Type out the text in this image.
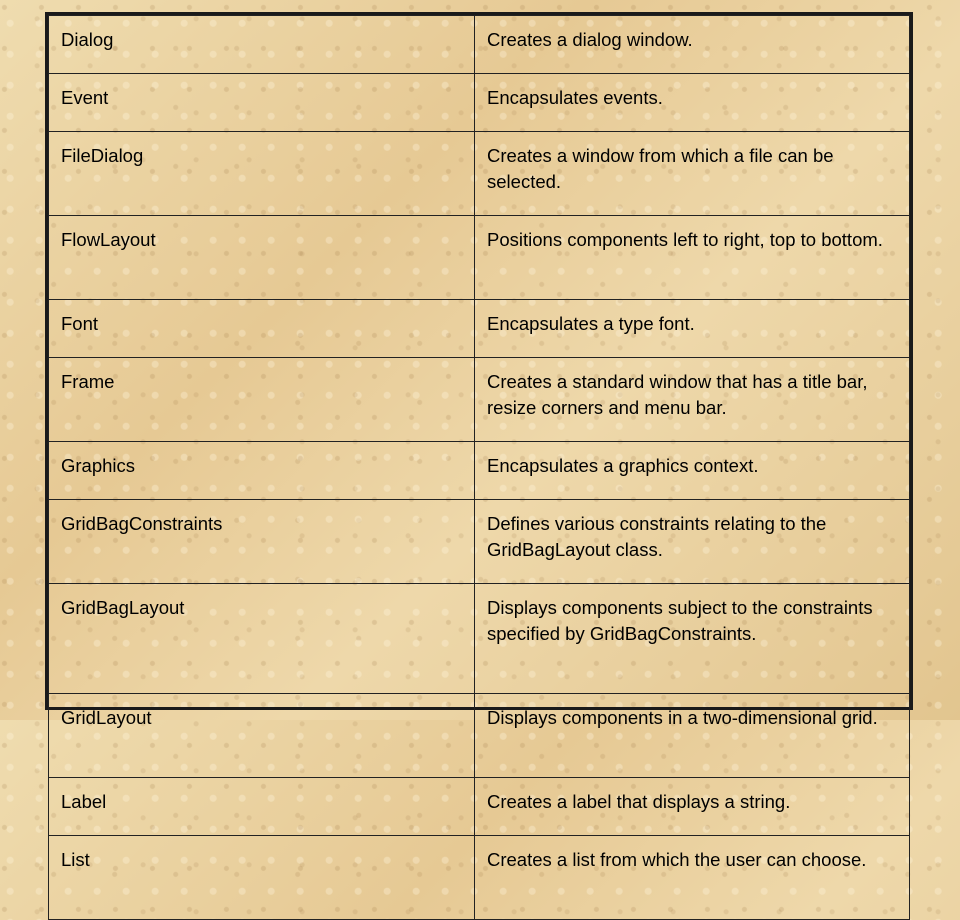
Dialog	Creates a dialog window.
Event	Encapsulates events.
FileDialog	Creates a window from which a file can be selected.
FlowLayout	Positions components left to right, top to bottom.
Font	Encapsulates a type font.
Frame	Creates a standard window that has a title bar, resize corners and menu bar.
Graphics	Encapsulates a graphics context.
GridBagConstraints	Defines various constraints relating to the GridBagLayout class.
GridBagLayout	Displays components subject to the constraints specified by GridBagConstraints.
GridLayout	Displays components in a two-dimensional grid.
Label	Creates a label that displays a string.
List	Creates a list from which the user can choose.
